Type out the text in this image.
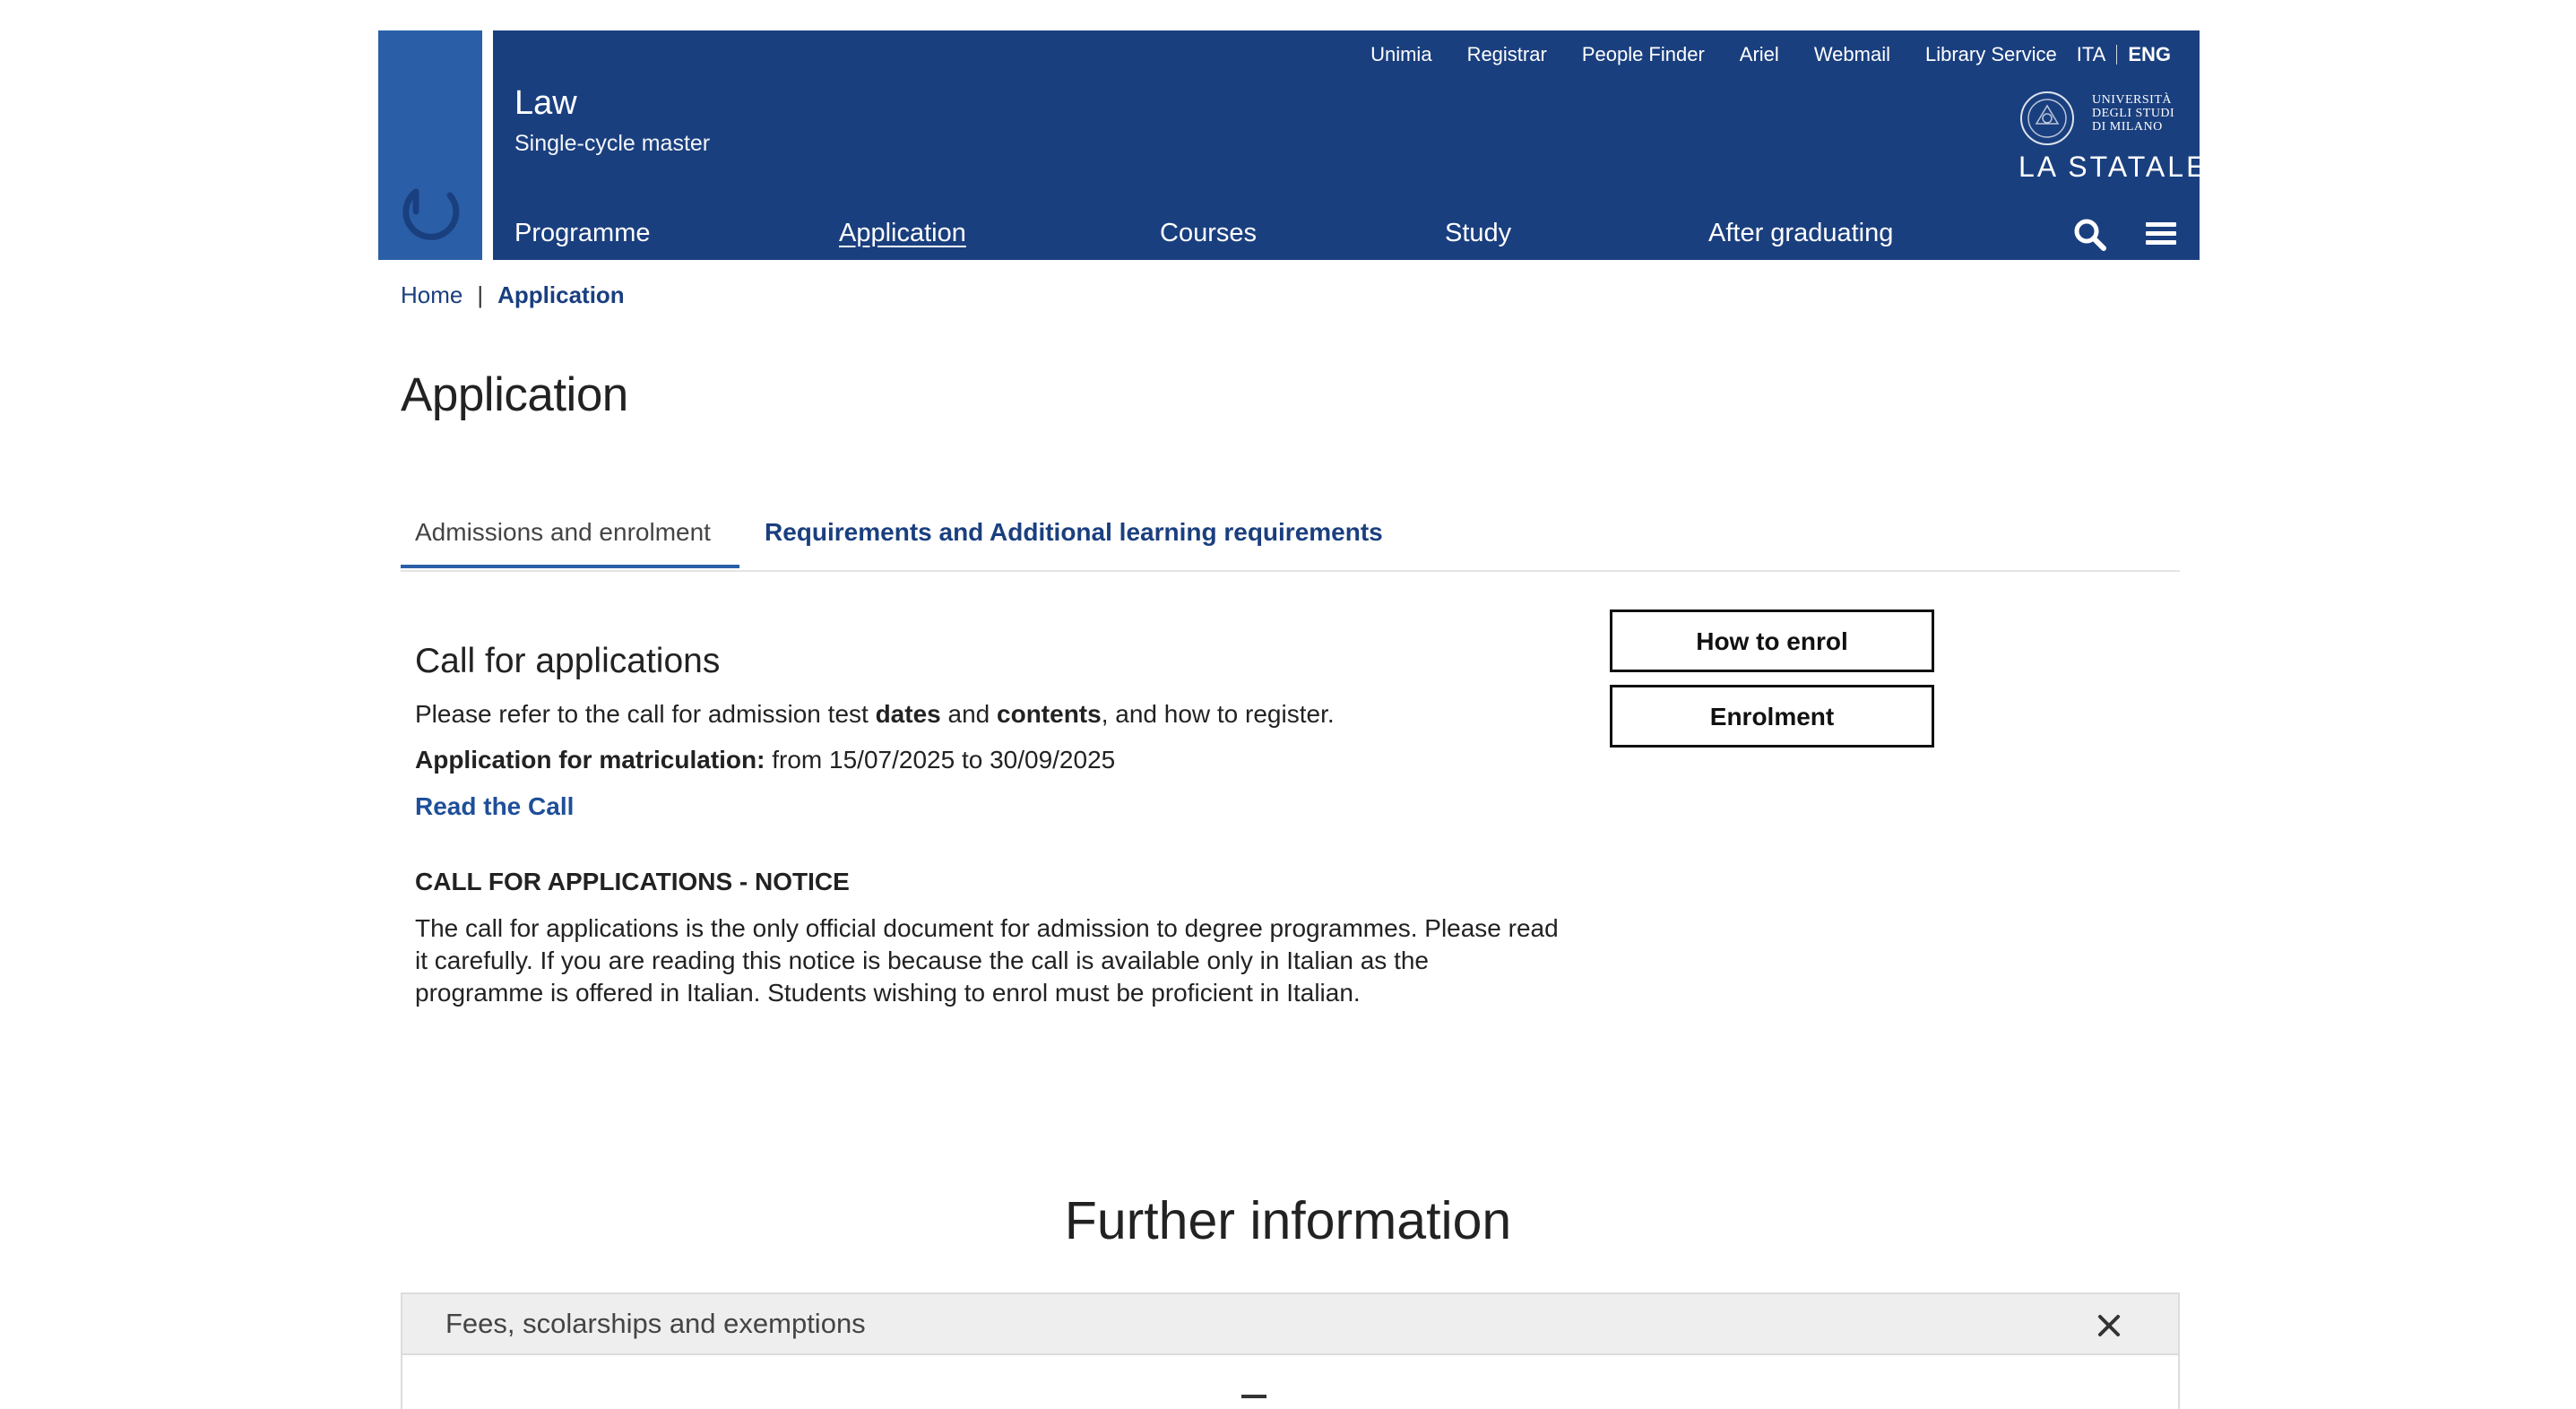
Unimia Registrar People Finder Ariel Webmail Library Service ITA ENG
Law
Single-cycle master
UNIVERSITÀ
DEGLI STUDI
DI MILANO
LA STATALE
Programme	Application	Courses	Study	After graduating
Home | Application
Application
Admissions and enrolment Requirements and Additional learning requirements
Call for applications

Please refer to the call for admission test dates and contents, and how to register.

Application for matriculation: from 15/07/2025 to 30/09/2025

Read the Call
CALL FOR APPLICATIONS - NOTICE

The call for applications is the only official document for admission to degree programmes. Please read it carefully. If you are reading this notice is because the call is available only in Italian as the programme is offered in Italian. Students wishing to enrol must be proficient in Italian.

How to enrol
Enrolment
Further information
Fees, scolarships and exemptions
